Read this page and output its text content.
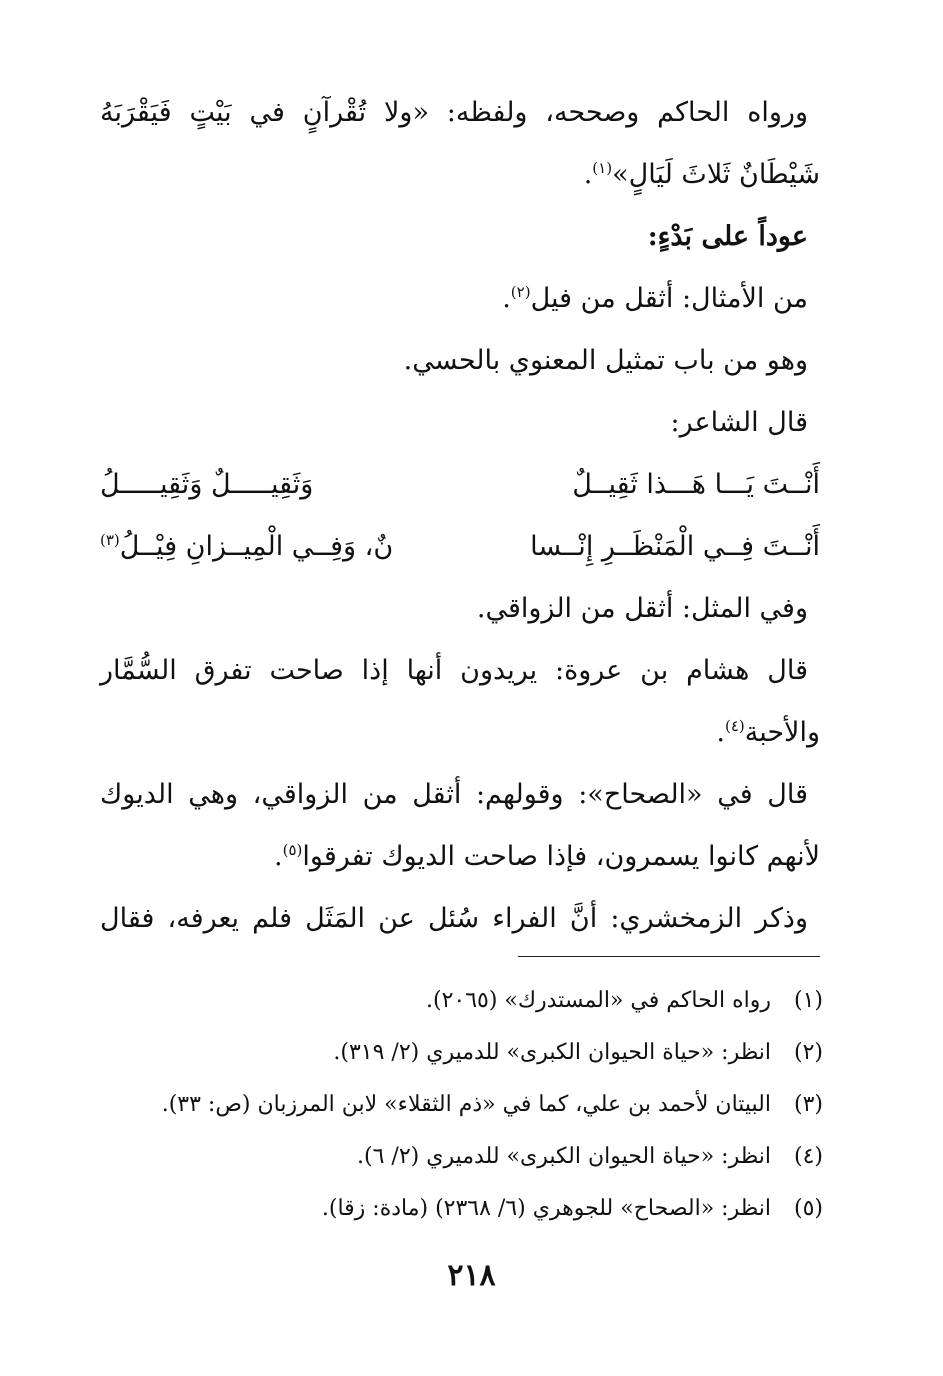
ورواه الحاكم وصححه، ولفظه: «ولا تُقْرآنٍ في بَيْتٍ فَيَقْرَبَهُ
شَيْطَانٌ ثَلاثَ لَيَالٍ»$^{(١)}$.
عوداً على بَدْءٍ:
من الأمثال: أثقل من فيل$^{(٢)}$.
وهو من باب تمثيل المعنوي بالحسي.
قال الشاعر:
أَنْــتَ يَـــا هَـــذا ثَقِيــلٌ
وَثَقِيـــــلٌ وَثَقِيـــــلُ
أَنْــتَ فِــي الْمَنْظَــرِ إِنْــسا
نٌ، وَفِــي الْمِيــزانِ فِيْــلُ$^{(٣)}$
وفي المثل: أثقل من الزواقي.
قال هشام بن عروة: يريدون أنها إذا صاحت تفرق السُّمَّار
والأحبة$^{(٤)}$.
قال في «الصحاح»: وقولهم: أثقل من الزواقي، وهي الديوك
لأنهم كانوا يسمرون، فإذا صاحت الديوك تفرقوا$^{(٥)}$.
وذكر الزمخشري: أنَّ الفراء سُئل عن المَثَل فلم يعرفه، فقال
(١)رواه الحاكم في «المستدرك» (٢٠٦٥).
(٢)انظر: «حياة الحيوان الكبرى» للدميري (٢/ ٣١٩).
(٣)البيتان لأحمد بن علي، كما في «ذم الثقلاء» لابن المرزبان (ص: ٣٣).
(٤)انظر: «حياة الحيوان الكبرى» للدميري (٢/ ٦).
(٥)انظر: «الصحاح» للجوهري (٦/ ٢٣٦٨) (مادة: زقا).
٢١٨
